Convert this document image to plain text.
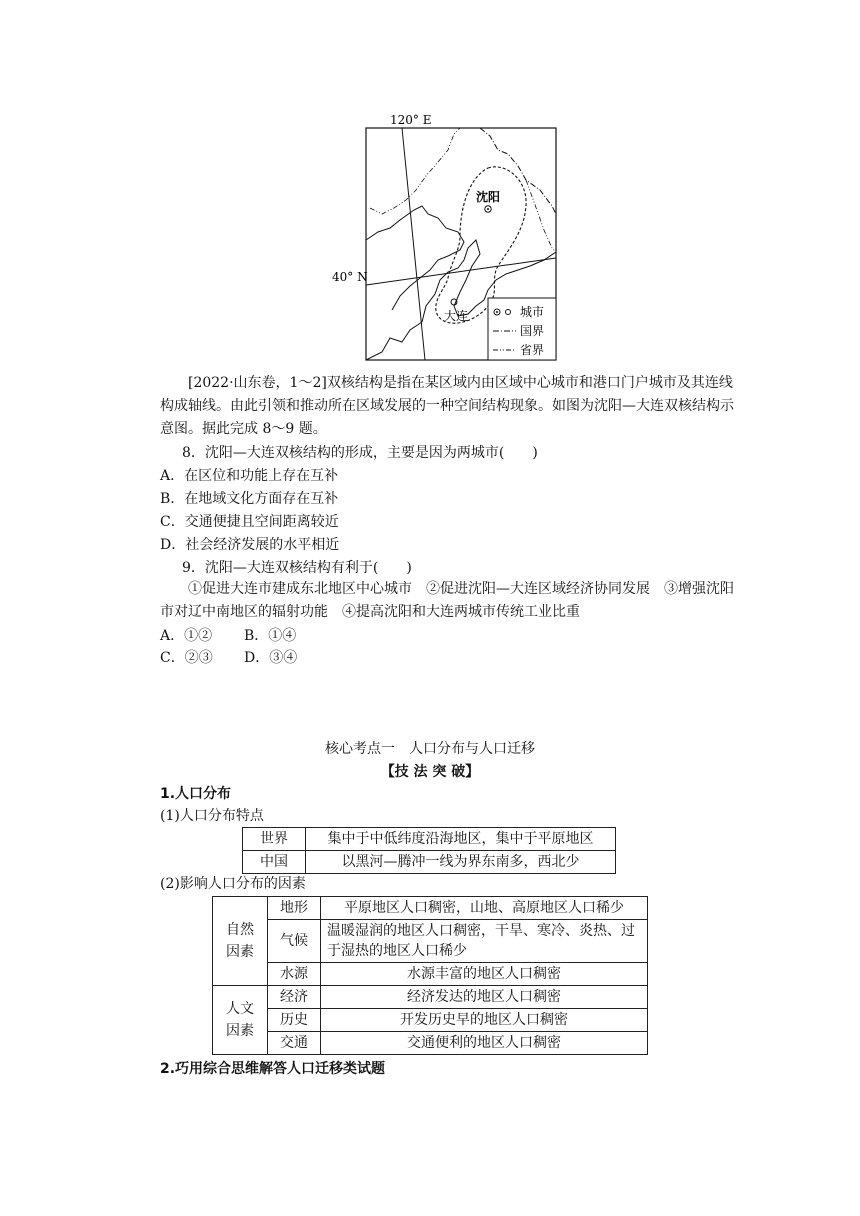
120° E
40° N
沈阳
大连	城市
国界
省界
[2022·山东卷，1～2]双核结构是指在某区域内由区域中心城市和港口门户城市及其连线构成轴线。由此引领和推动所在区域发展的一种空间结构现象。如图为沈阳—大连双核结构示意图。据此完成 8～9 题。
8．沈阳—大连双核结构的形成，主要是因为两城市(　　)
A．在区位和功能上存在互补
B．在地域文化方面存在互补
C．交通便捷且空间距离较近
D．社会经济发展的水平相近
9．沈阳—大连双核结构有利于(　　)
①促进大连市建成东北地区中心城市　②促进沈阳—大连区域经济协同发展　③增强沈阳市对辽中南地区的辐射功能　④提高沈阳和大连两城市传统工业比重
A．①② B．①④
C．②③ D．③④
核心考点一　人口分布与人口迁移
【技 法 突 破】
1.人口分布
(1)人口分布特点
世界	集中于中低纬度沿海地区，集中于平原地区
中国	以黑河—腾冲一线为界东南多，西北少
(2)影响人口分布的因素
自然因素	地形	平原地区人口稠密，山地、高原地区人口稀少
	气候	温暖湿润的地区人口稠密，干旱、寒冷、炎热、过于湿热的地区人口稀少
	水源	水源丰富的地区人口稠密
人文因素	经济	经济发达的地区人口稠密
	历史	开发历史早的地区人口稠密
	交通	交通便利的地区人口稠密
2.巧用综合思维解答人口迁移类试题
